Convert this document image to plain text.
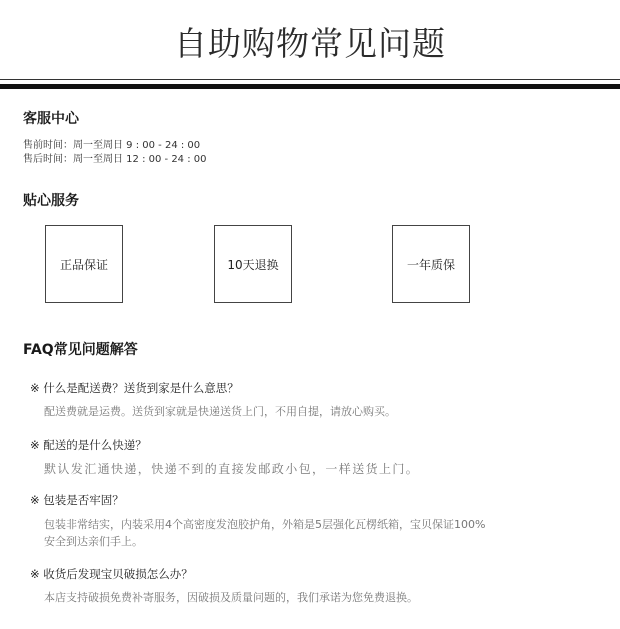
自助购物常见问题
客服中心
售前时间：周一至周日 9 : 00 - 24 : 00
售后时间：周一至周日 12 : 00 - 24 : 00
贴心服务
正品保证	10天退换	一年质保
FAQ常见问题解答
※ 什么是配送费？送货到家是什么意思？
配送费就是运费。送货到家就是快递送货上门，不用自提，请放心购买。
※ 配送的是什么快递？
默认发汇通快递，快递不到的直接发邮政小包，一样送货上门。
※ 包装是否牢固？
包装非常结实，内装采用4个高密度发泡胶护角，外箱是5层强化瓦楞纸箱，宝贝保证100%
安全到达亲们手上。
※ 收货后发现宝贝破损怎么办？
本店支持破损免费补寄服务，因破损及质量问题的，我们承诺为您免费退换。
